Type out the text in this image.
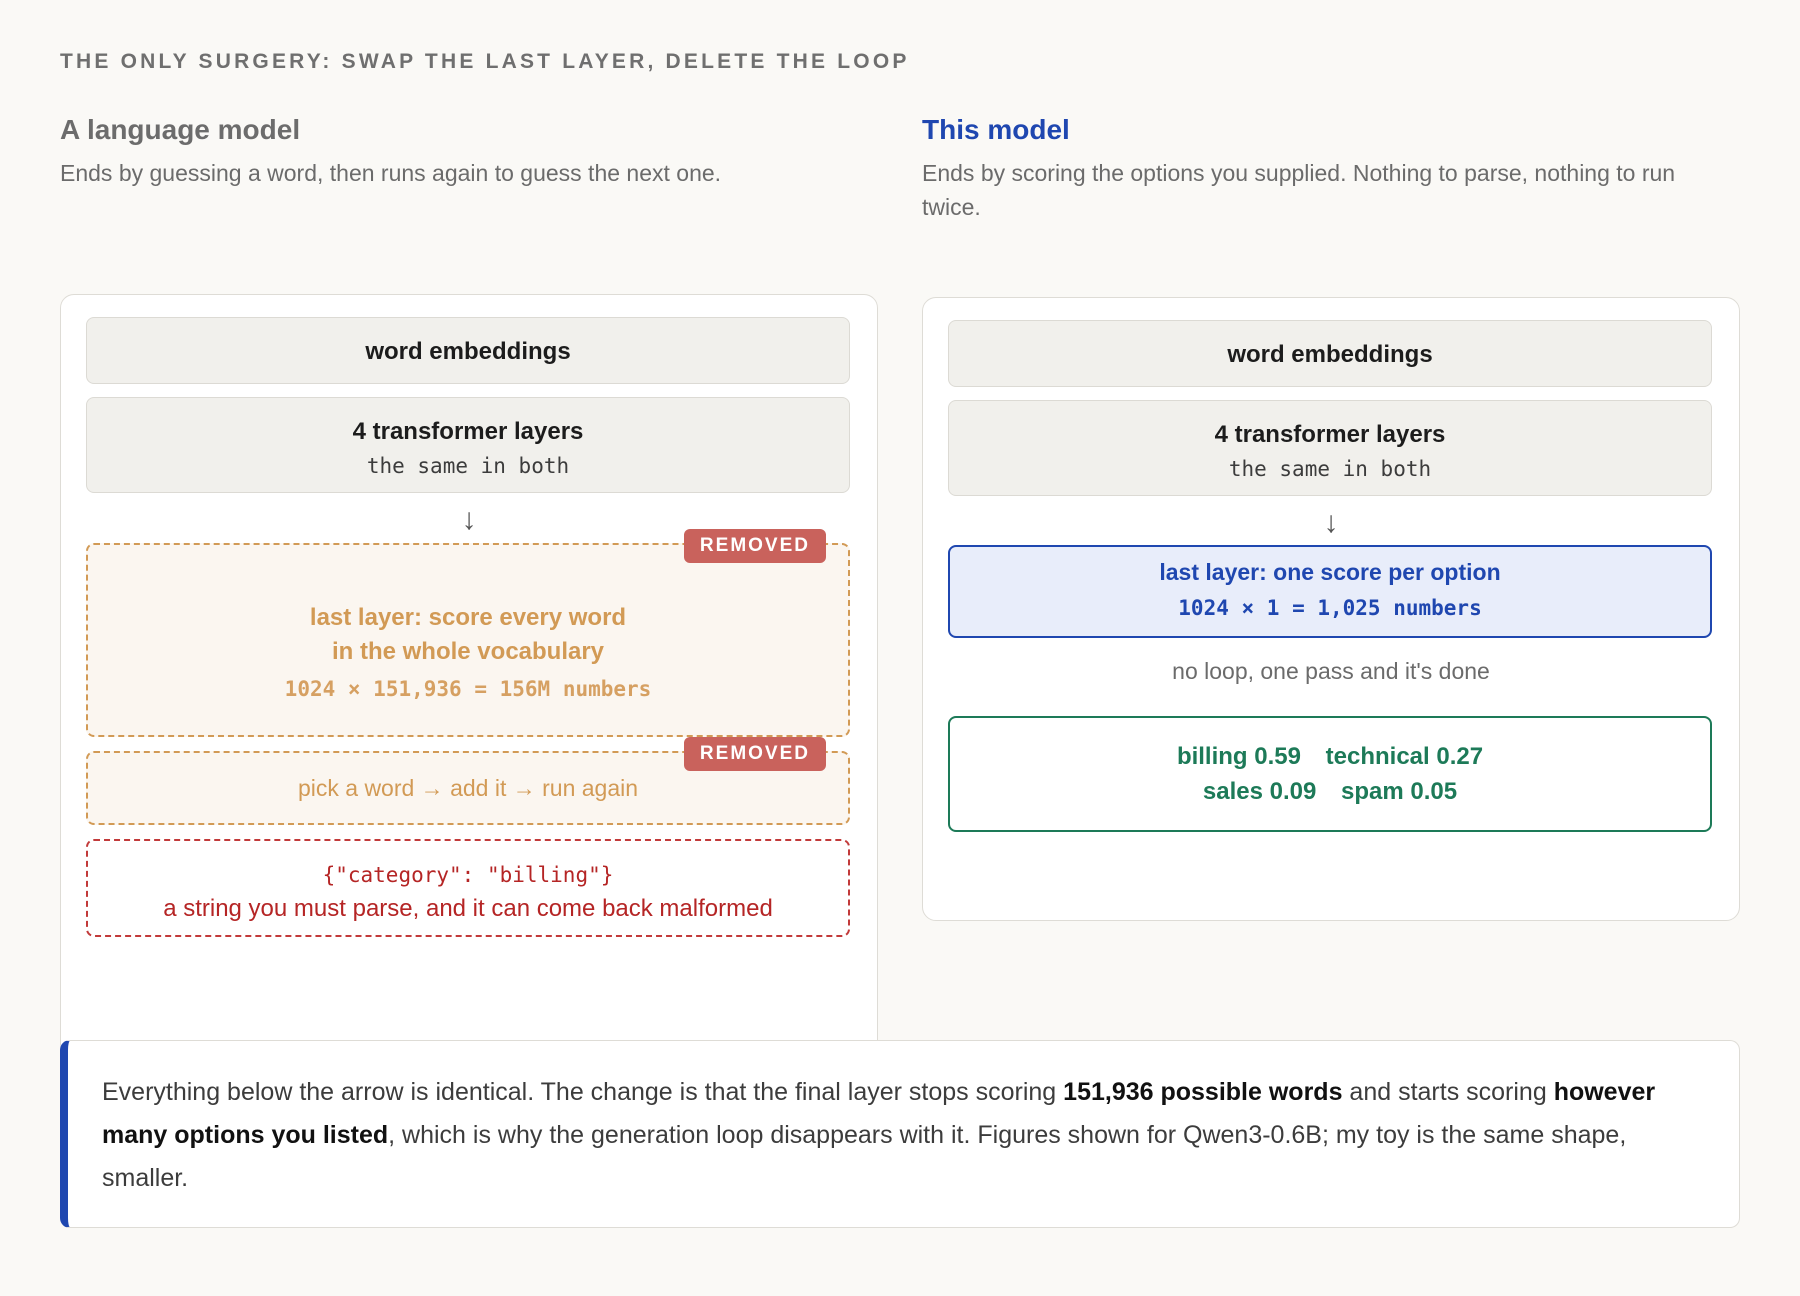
THE ONLY SURGERY: SWAP THE LAST LAYER, DELETE THE LOOP

A language model

Ends by guessing a word, then runs again to guess the next one.

word embeddings
4 transformer layers
the same in both
↓
REMOVED
last layer: score every word
in the whole vocabulary
1024 × 151,936 = 156M numbers
REMOVED
pick a word → add it → run again
{"category": "billing"}
a string you must parse, and it can come back malformed
This model

Ends by scoring the options you supplied. Nothing to parse, nothing to run twice.

word embeddings
4 transformer layers
the same in both
↓
last layer: one score per option
1024 × 1 = 1,025 numbers
no loop, one pass and it's done
billing 0.59 technical 0.27
sales 0.09 spam 0.05
Everything below the arrow is identical. The change is that the final layer stops scoring 151,936 possible words and starts scoring however many options you listed, which is why the generation loop disappears with it. Figures shown for Qwen3-0.6B; my toy is the same shape, smaller.
